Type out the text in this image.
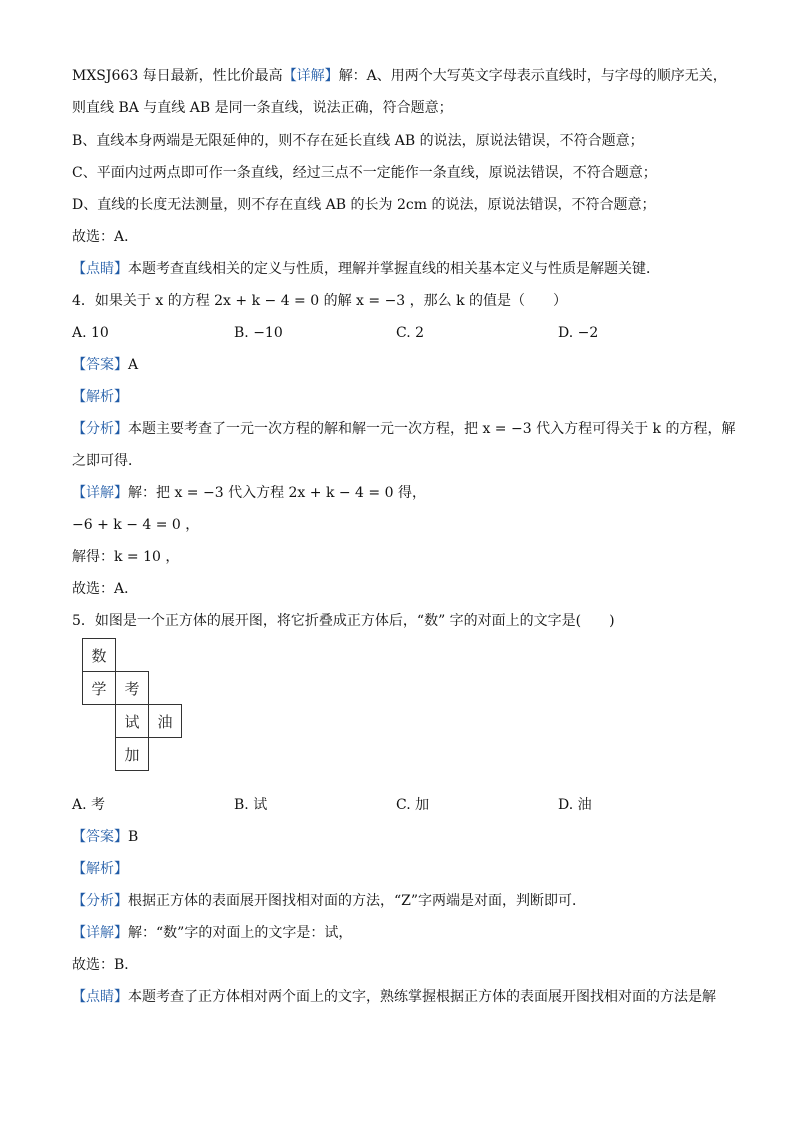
MXSJ663 每日最新，性比价最高【详解】解：A、用两个大写英文字母表示直线时，与字母的顺序无关，
则直线 BA 与直线 AB 是同一条直线，说法正确，符合题意；
B、直线本身两端是无限延伸的，则不存在延长直线 AB 的说法，原说法错误，不符合题意；
C、平面内过两点即可作一条直线，经过三点不一定能作一条直线，原说法错误，不符合题意；
D、直线的长度无法测量，则不存在直线 AB 的长为 2cm 的说法，原说法错误，不符合题意；
故选：A．
【点睛】本题考查直线相关的定义与性质，理解并掌握直线的相关基本定义与性质是解题关键．
4．如果关于 x 的方程 2x + k − 4 = 0 的解 x = −3 ，那么 k 的值是（　　）
A. 10	B. −10	C. 2	D. −2
【答案】A
【解析】
【分析】本题主要考查了一元一次方程的解和解一元一次方程，把 x = −3 代入方程可得关于 k 的方程，解
之即可得．
【详解】解：把 x = −3 代入方程 2x + k − 4 = 0 得，
−6 + k − 4 = 0 ，
解得：k = 10 ，
故选：A．
5．如图是一个正方体的展开图，将它折叠成正方体后，“数” 字的对面上的文字是(　　)
数
学	考
试	油
加
A. 考	B. 试	C. 加	D. 油
【答案】B
【解析】
【分析】根据正方体的表面展开图找相对面的方法，“Z”字两端是对面，判断即可．
【详解】解：“数”字的对面上的文字是：试，
故选：B．
【点睛】本题考查了正方体相对两个面上的文字，熟练掌握根据正方体的表面展开图找相对面的方法是解
